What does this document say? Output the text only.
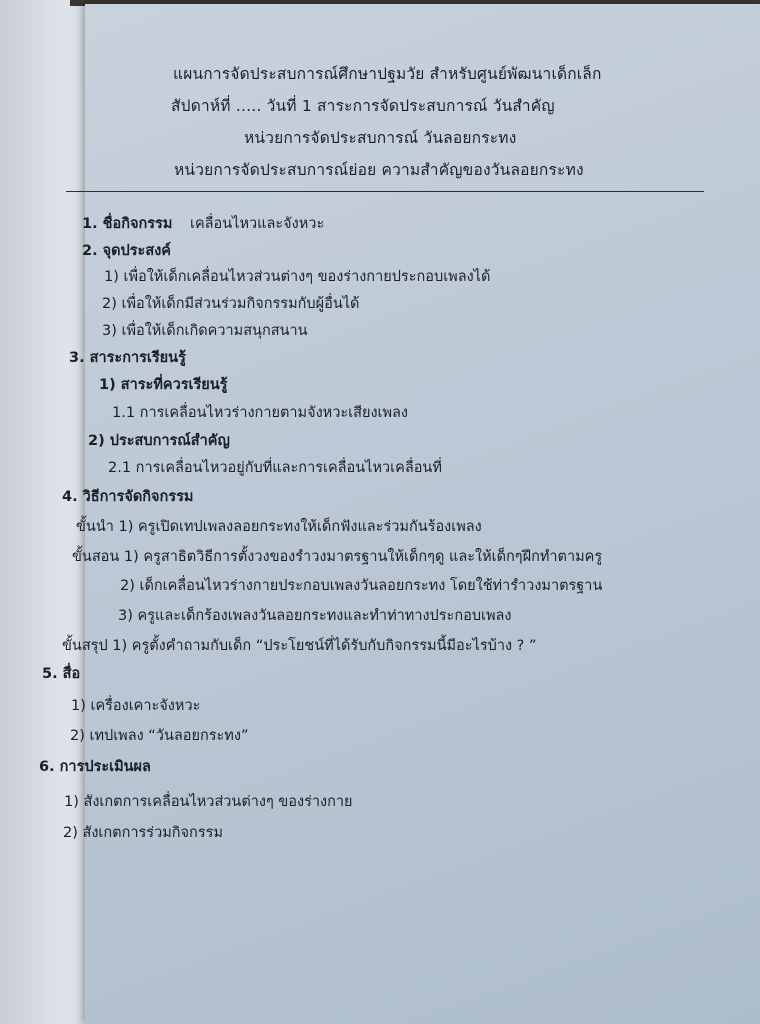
แผนการจัดประสบการณ์ศึกษาปฐมวัย สำหรับศูนย์พัฒนาเด็กเล็ก
สัปดาห์ที่ ..... วันที่ 1 สาระการจัดประสบการณ์ วันสำคัญ
หน่วยการจัดประสบการณ์ วันลอยกระทง
หน่วยการจัดประสบการณ์ย่อย ความสำคัญของวันลอยกระทง
1. ชื่อกิจกรรม เคลื่อนไหวและจังหวะ
2. จุดประสงค์
1) เพื่อให้เด็กเคลื่อนไหวส่วนต่างๆ ของร่างกายประกอบเพลงได้
2) เพื่อให้เด็กมีส่วนร่วมกิจกรรมกับผู้อื่นได้
3) เพื่อให้เด็กเกิดความสนุกสนาน
3. สาระการเรียนรู้
1) สาระที่ควรเรียนรู้
1.1 การเคลื่อนไหวร่างกายตามจังหวะเสียงเพลง
2) ประสบการณ์สำคัญ
2.1 การเคลื่อนไหวอยู่กับที่และการเคลื่อนไหวเคลื่อนที่
4. วิธีการจัดกิจกรรม
ขั้นนำ 1) ครูเปิดเทปเพลงลอยกระทงให้เด็กฟังและร่วมกันร้องเพลง
ขั้นสอน 1) ครูสาธิตวิธีการตั้งวงของรำวงมาตรฐานให้เด็กๆดู และให้เด็กๆฝึกทำตามครู
2) เด็กเคลื่อนไหวร่างกายประกอบเพลงวันลอยกระทง โดยใช้ท่ารำวงมาตรฐาน
3) ครูและเด็กร้องเพลงวันลอยกระทงและทำท่าทางประกอบเพลง
ขั้นสรุป 1) ครูตั้งคำถามกับเด็ก “ประโยชน์ที่ได้รับกับกิจกรรมนี้มีอะไรบ้าง ? ”
5. สื่อ
1) เครื่องเคาะจังหวะ
2) เทปเพลง “วันลอยกระทง”
6. การประเมินผล
1) สังเกตการเคลื่อนไหวส่วนต่างๆ ของร่างกาย
2) สังเกตการร่วมกิจกรรม
